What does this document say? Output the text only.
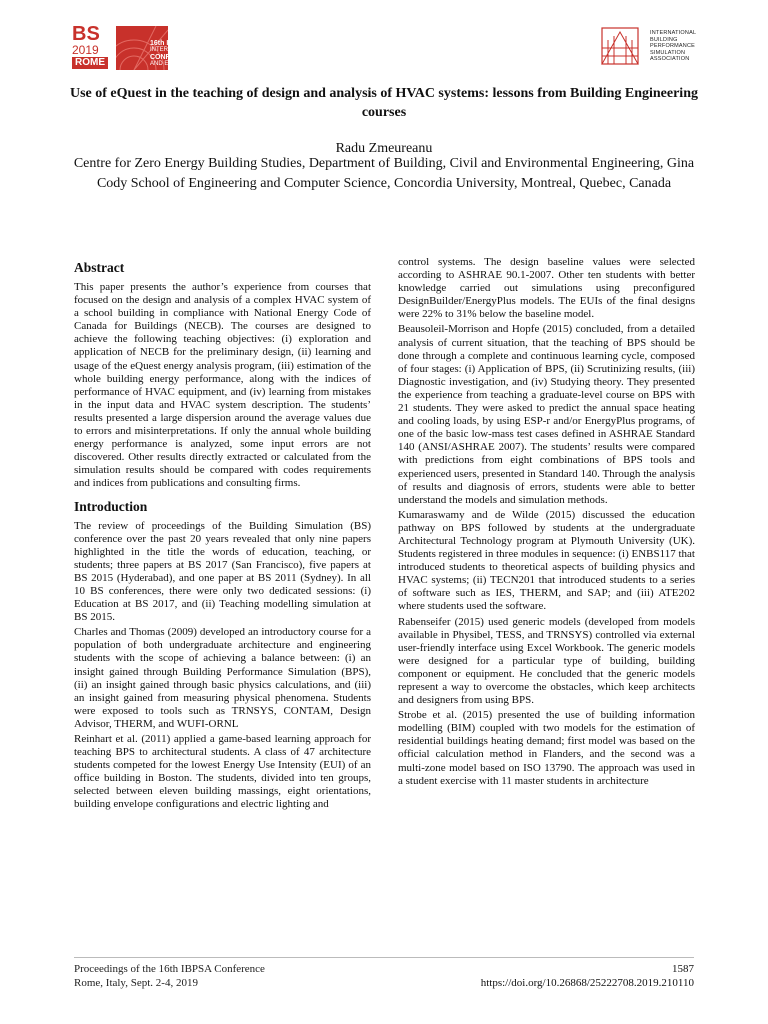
BS
2019
ROME
16th IBPSA
INTERNATIONAL
CONFERENCE
AND EXHIBITION
INTERNATIONAL
BUILDING
PERFORMANCE
SIMULATION
ASSOCIATION
Use of eQuest in the teaching of design and analysis of HVAC systems: lessons from Building Engineering courses
Radu Zmeureanu
Centre for Zero Energy Building Studies, Department of Building, Civil and Environmental Engineering, Gina Cody School of Engineering and Computer Science, Concordia University, Montreal, Quebec, Canada
Abstract

This paper presents the author’s experience from courses that focused on the design and analysis of a complex HVAC system of a school building in compliance with National Energy Code of Canada for Buildings (NECB). The courses are designed to achieve the following teaching objectives: (i) exploration and application of NECB for the preliminary design, (ii) learning and usage of the eQuest energy analysis program, (iii) estimation of the whole building energy performance, along with the indices of performance of HVAC equipment, and (iv) learning from mistakes in the input data and HVAC system description. The students’ results presented a large dispersion around the average values due to errors and misinterpretations. If only the annual whole building energy performance is analyzed, some input errors are not discovered. Other results directly extracted or calculated from the simulation results should be compared with codes requirements and indices from publications and consulting firms.

Introduction

The review of proceedings of the Building Simulation (BS) conference over the past 20 years revealed that only nine papers highlighted in the title the words of education, teaching, or students; three papers at BS 2017 (San Francisco), five papers at BS 2015 (Hyderabad), and one paper at BS 2011 (Sydney). In all 10 BS conferences, there were only two dedicated sessions: (i) Education at BS 2017, and (ii) Teaching modelling simulation at BS 2015.

Charles and Thomas (2009) developed an introductory course for a population of both undergraduate architecture and engineering students with the scope of achieving a balance between: (i) an insight gained through Building Performance Simulation (BPS), (ii) an insight gained through basic physics calculations, and (iii) an insight gained from measuring physical phenomena. Students were exposed to tools such as TRNSYS, CONTAM, Design Advisor, THERM, and WUFI-ORNL

Reinhart et al. (2011) applied a game-based learning approach for teaching BPS to architectural students. A class of 47 architecture students competed for the lowest Energy Use Intensity (EUI) of an office building in Boston. The students, divided into ten groups, selected between eleven building massings, eight orientations, building envelope configurations and electric lighting and

control systems. The design baseline values were selected according to ASHRAE 90.1-2007. Other ten students with better knowledge carried out simulations using preconfigured DesignBuilder/EnergyPlus models. The EUIs of the final designs were 22% to 31% below the baseline model.

Beausoleil-Morrison and Hopfe (2015) concluded, from a detailed analysis of current situation, that the teaching of BPS should be done through a complete and continuous learning cycle, composed of four stages: (i) Application of BPS, (ii) Scrutinizing results, (iii) Diagnostic investigation, and (iv) Studying theory. They presented the experience from teaching a graduate-level course on BPS with 21 students. They were asked to predict the annual space heating and cooling loads, by using ESP-r and/or EnergyPlus programs, of one of the basic low-mass test cases defined in ASHRAE Standard 140 (ANSI/ASHRAE 2007). The students’ results were compared with predictions from eight combinations of BPS tools and experienced users, presented in Standard 140. Through the analysis of results and diagnosis of errors, students were able to better understand the models and simulation methods.

Kumaraswamy and de Wilde (2015) discussed the education pathway on BPS followed by students at the undergraduate Architectural Technology program at Plymouth University (UK). Students registered in three modules in sequence: (i) ENBS117 that introduced students to theoretical aspects of building physics and HVAC systems; (ii) TECN201 that introduced students to a series of software such as IES, THERM, and SAP; and (iii) ATE202 where students used the software.

Rabenseifer (2015) used generic models (developed from models available in Physibel, TESS, and TRNSYS) controlled via external user-friendly interface using Excel Workbook. The generic models were designed for a particular type of building, building component or equipment. He concluded that the generic models represent a way to overcome the obstacles, which keep architects and designers from using BPS.

Strobe et al. (2015) presented the use of building information modelling (BIM) coupled with two models for the estimation of residential buildings heating demand; first model was based on the official calculation method in Flanders, and the second was a multi-zone model based on ISO 13790. The approach was used in a student exercise with 11 master students in architecture

Proceedings of the 16th IBPSA Conference
Rome, Italy, Sept. 2-4, 2019
1587
https://doi.org/10.26868/25222708.2019.210110
